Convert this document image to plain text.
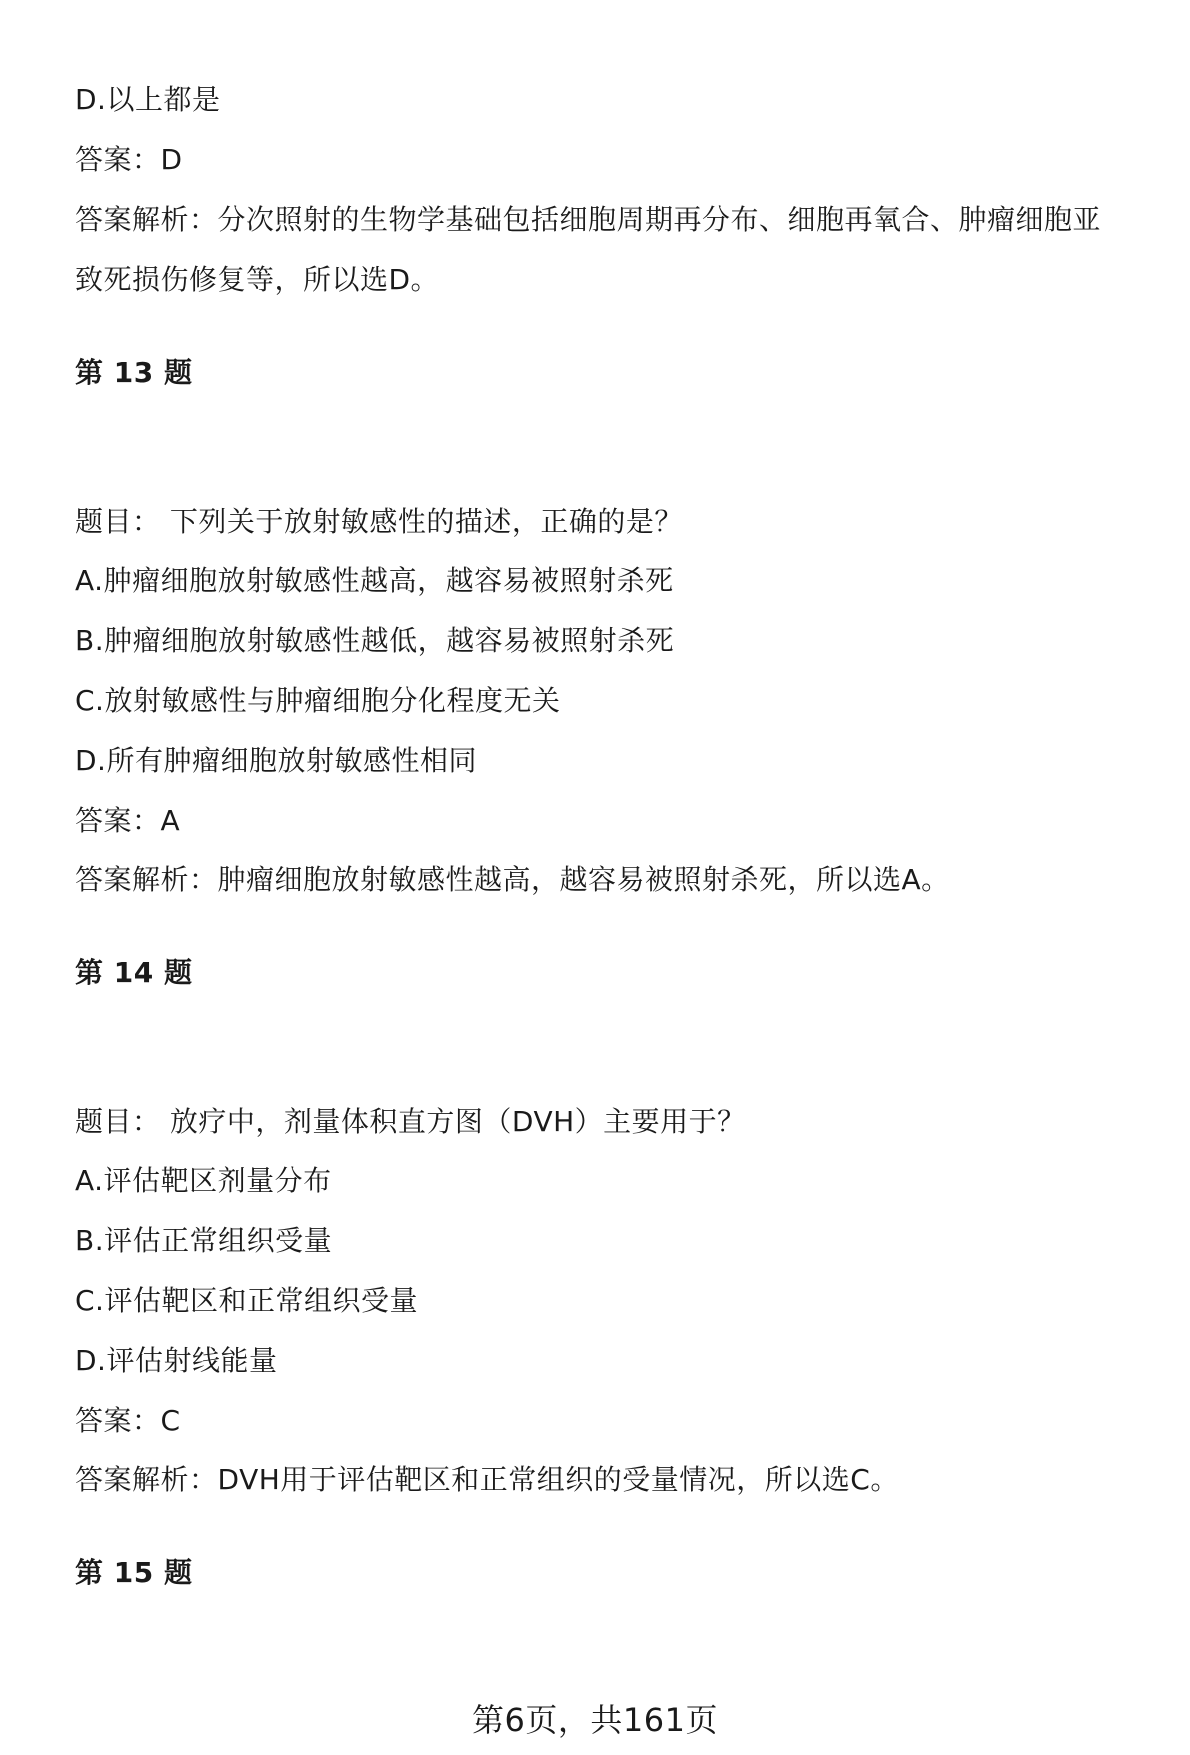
D.以上都是
答案：D
答案解析：分次照射的生物学基础包括细胞周期再分布、细胞再氧合、肿瘤细胞亚
致死损伤修复等，所以选D。
第 13 题
题目： 下列关于放射敏感性的描述，正确的是？
A.肿瘤细胞放射敏感性越高，越容易被照射杀死
B.肿瘤细胞放射敏感性越低，越容易被照射杀死
C.放射敏感性与肿瘤细胞分化程度无关
D.所有肿瘤细胞放射敏感性相同
答案：A
答案解析：肿瘤细胞放射敏感性越高，越容易被照射杀死，所以选A。
第 14 题
题目： 放疗中，剂量体积直方图（DVH）主要用于？
A.评估靶区剂量分布
B.评估正常组织受量
C.评估靶区和正常组织受量
D.评估射线能量
答案：C
答案解析：DVH用于评估靶区和正常组织的受量情况，所以选C。
第 15 题
第6页，共161页
